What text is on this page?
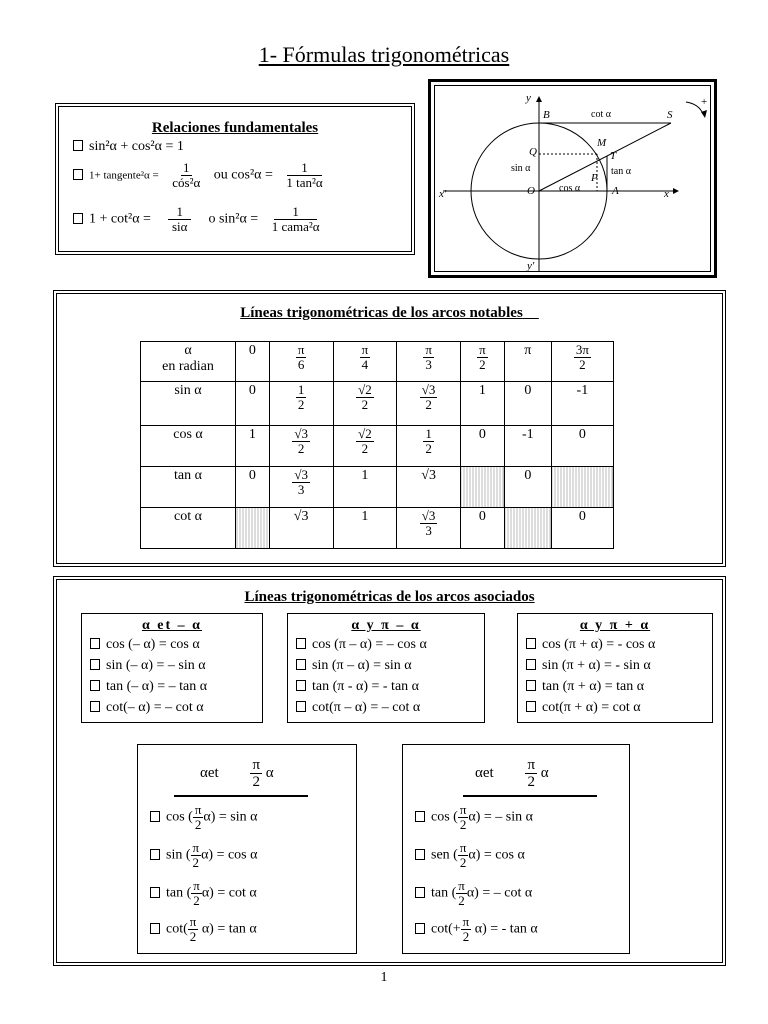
1- Fórmulas trigonométricas
Relaciones fundamentales
sin²α + cos²α = 1
1+ tangente²α = $\frac{1}{\text{cós²α}}$ ou $\cos^2\alpha = \frac{1}{\text{1 tan²α}}$
$1 + \cot^2\alpha = \frac{1}{\text{siα}}$ o $\sin^2\alpha = \frac{1}{\text{1 cama²α}}$
y
y'
x
x'
B	S
Q
M
T
P
O	A
cot α
sin α
cos α
tan α
+
Líneas trigonométricas de los arcos notables
α
en radian	0	$\frac{\pi}{6}$	$\frac{\pi}{4}$	$\frac{\pi}{3}$	$\frac{\pi}{2}$	π	$\frac{3\pi}{2}$

sin α	0	$\frac{1}{2}$	$\frac{√2}{2}$	$\frac{√3}{2}$	1	0	-1
cos α	1	$\frac{√3}{2}$	$\frac{√2}{2}$	$\frac{1}{2}$	0	-1	0
tan α	0	$\frac{√3}{3}$	1	√3		0	
cot α		√3	1	$\frac{√3}{3}$	0		0
Líneas trigonométricas de los arcos asociados
α et – α
cos (– α) = cos α
sin (– α) = – sin α
tan (– α) = – tan α
cot(– α) = – cot α
α y π – α
cos (π – α) = – cos α
sin (π – α) = sin α
tan (π - α) = - tan α
cot(π – α) = – cot α
α y π + α
cos (π + α) = - cos α
sin (π + α) = - sin α
tan (π + α) = tan α
cot(π + α) = cot α
αet $\frac{\pi}{2}$ α
cos ( $\frac{\pi}{2} \alpha) = \sin \alpha$
sin ( $\frac{\pi}{2} \alpha) = \cos \alpha$
tan ( $\frac{\pi}{2} \alpha) = \cot \alpha$
$\cot( \frac{\pi}{2} \alpha) = \tan \alpha$
αet $\frac{\pi}{2}$ α
cos ( $\frac{\pi}{2} \alpha$) = – sin α
sen ( $\frac{\pi}{2} \alpha) = \cos \alpha$
tan ( $\frac{\pi}{2} \alpha$) = – cot α
$\cot(+ \frac{\pi}{2} \alpha)$ = - tan α
1
